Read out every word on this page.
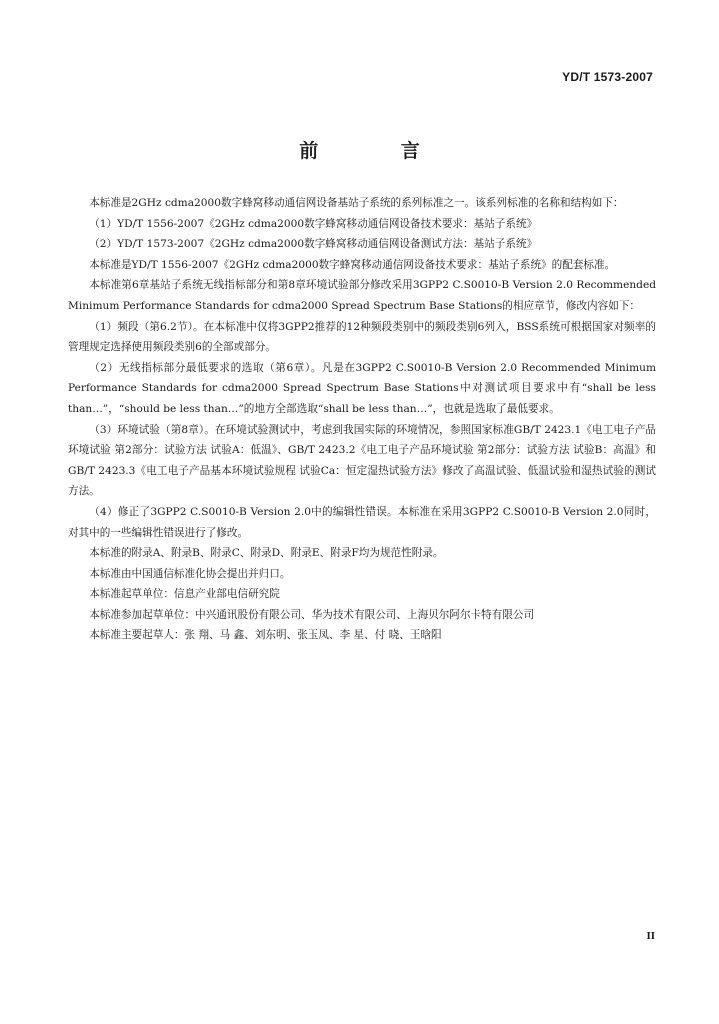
YD/T 1573-2007
前 言

本标准是2GHz cdma2000数字蜂窝移动通信网设备基站子系统的系列标准之一。该系列标准的名称和结构如下：

（1）YD/T 1556-2007《2GHz cdma2000数字蜂窝移动通信网设备技术要求：基站子系统》

（2）YD/T 1573-2007《2GHz cdma2000数字蜂窝移动通信网设备测试方法：基站子系统》

本标准是YD/T 1556-2007《2GHz cdma2000数字蜂窝移动通信网设备技术要求：基站子系统》的配套标准。

本标准第6章基站子系统无线指标部分和第8章环境试验部分修改采用3GPP2 C.S0010-B Version 2.0 Recommended Minimum Performance Standards for cdma2000 Spread Spectrum Base Stations的相应章节，修改内容如下：

（1）频段（第6.2节）。在本标准中仅将3GPP2推荐的12种频段类别中的频段类别6列入，BSS系统可根据国家对频率的管理规定选择使用频段类别6的全部或部分。

（2）无线指标部分最低要求的选取（第6章）。凡是在3GPP2 C.S0010-B Version 2.0 Recommended Minimum Performance Standards for cdma2000 Spread Spectrum Base Stations中对测试项目要求中有“shall be less than…”，“should be less than…”的地方全部选取“shall be less than…”，也就是选取了最低要求。

（3）环境试验（第8章）。在环境试验测试中，考虑到我国实际的环境情况，参照国家标准GB/T 2423.1《电工电子产品环境试验 第2部分：试验方法 试验A：低温》、GB/T 2423.2《电工电子产品环境试验 第2部分：试验方法 试验B：高温》和GB/T 2423.3《电工电子产品基本环境试验规程 试验Ca：恒定湿热试验方法》修改了高温试验、低温试验和湿热试验的测试方法。

（4）修正了3GPP2 C.S0010-B Version 2.0中的编辑性错误。本标准在采用3GPP2 C.S0010-B Version 2.0同时，对其中的一些编辑性错误进行了修改。

本标准的附录A、附录B、附录C、附录D、附录E、附录F均为规范性附录。

本标准由中国通信标准化协会提出并归口。

本标准起草单位：信息产业部电信研究院

本标准参加起草单位：中兴通讯股份有限公司、华为技术有限公司、上海贝尔阿尔卡特有限公司

本标准主要起草人：张 翔、马 鑫、刘东明、张玉凤、李 星、付 晓、王晗阳

II
